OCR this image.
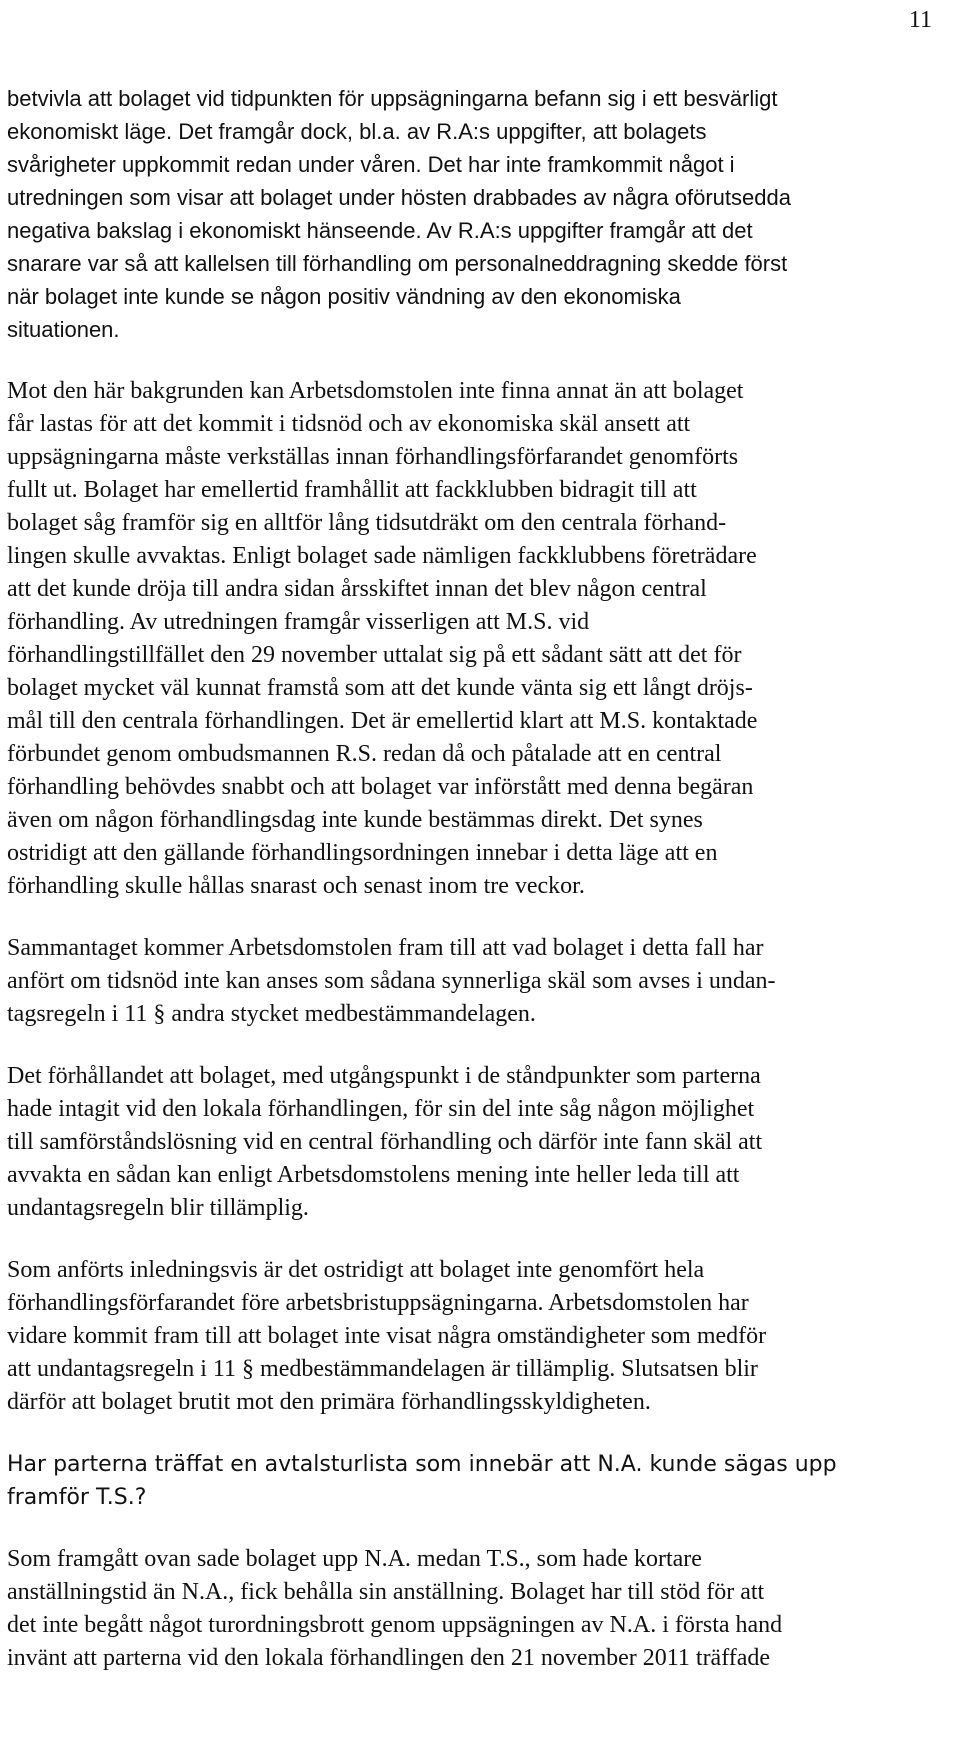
11

betvivla att bolaget vid tidpunkten för uppsägningarna befann sig i ett besvärligt
ekonomiskt läge. Det framgår dock, bl.a. av R.A:s uppgifter, att bolagets
svårigheter uppkommit redan under våren. Det har inte framkommit något i
utredningen som visar att bolaget under hösten drabbades av några oförutsedda
negativa bakslag i ekonomiskt hänseende. Av R.A:s uppgifter framgår att det
snarare var så att kallelsen till förhandling om personalneddragning skedde först
när bolaget inte kunde se någon positiv vändning av den ekonomiska
situationen.

Mot den här bakgrunden kan Arbetsdomstolen inte finna annat än att bolaget
får lastas för att det kommit i tidsnöd och av ekonomiska skäl ansett att
uppsägningarna måste verkställas innan förhandlingsförfarandet genomförts
fullt ut. Bolaget har emellertid framhållit att fackklubben bidragit till att
bolaget såg framför sig en alltför lång tidsutdräkt om den centrala förhand-
lingen skulle avvaktas. Enligt bolaget sade nämligen fackklubbens företrädare
att det kunde dröja till andra sidan årsskiftet innan det blev någon central
förhandling. Av utredningen framgår visserligen att M.S. vid
förhandlingstillfället den 29 november uttalat sig på ett sådant sätt att det för
bolaget mycket väl kunnat framstå som att det kunde vänta sig ett långt dröjs-
mål till den centrala förhandlingen. Det är emellertid klart att M.S. kontaktade
förbundet genom ombudsmannen R.S. redan då och påtalade att en central
förhandling behövdes snabbt och att bolaget var införstått med denna begäran
även om någon förhandlingsdag inte kunde bestämmas direkt. Det synes
ostridigt att den gällande förhandlingsordningen innebar i detta läge att en
förhandling skulle hållas snarast och senast inom tre veckor.

Sammantaget kommer Arbetsdomstolen fram till att vad bolaget i detta fall har
anfört om tidsnöd inte kan anses som sådana synnerliga skäl som avses i undan-
tagsregeln i 11 § andra stycket medbestämmandelagen.

Det förhållandet att bolaget, med utgångspunkt i de ståndpunkter som parterna
hade intagit vid den lokala förhandlingen, för sin del inte såg någon möjlighet
till samförståndslösning vid en central förhandling och därför inte fann skäl att
avvakta en sådan kan enligt Arbetsdomstolens mening inte heller leda till att
undantagsregeln blir tillämplig.

Som anförts inledningsvis är det ostridigt att bolaget inte genomfört hela
förhandlingsförfarandet före arbetsbristuppsägningarna. Arbetsdomstolen har
vidare kommit fram till att bolaget inte visat några omständigheter som medför
att undantagsregeln i 11 § medbestämmandelagen är tillämplig. Slutsatsen blir
därför att bolaget brutit mot den primära förhandlingsskyldigheten.

Har parterna träffat en avtalsturlista som innebär att N.A. kunde sägas upp
framför T.S.?

Som framgått ovan sade bolaget upp N.A. medan T.S., som hade kortare
anställningstid än N.A., fick behålla sin anställning. Bolaget har till stöd för att
det inte begått något turordningsbrott genom uppsägningen av N.A. i första hand
invänt att parterna vid den lokala förhandlingen den 21 november 2011 träffade
